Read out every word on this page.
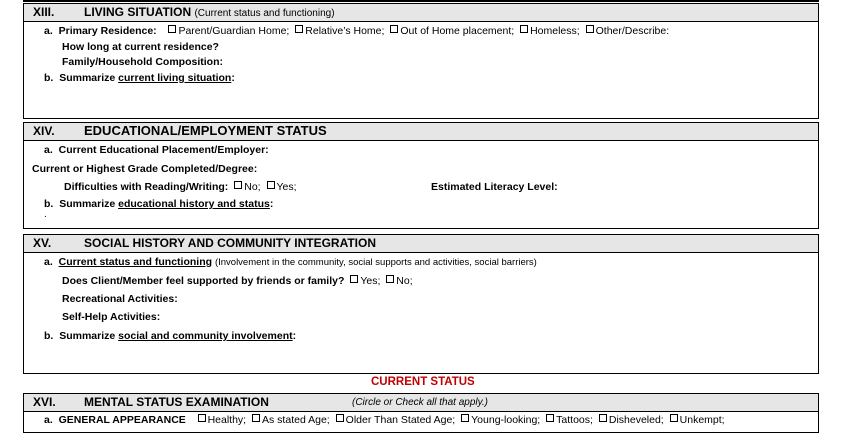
XIII. LIVING SITUATION (Current status and functioning)
a. Primary Residence: Parent/Guardian Home; Relative’s Home; Out of Home placement; Homeless; Other/Describe:
How long at current residence?
Family/Household Composition:
b. Summarize current living situation:
XIV. EDUCATIONAL/EMPLOYMENT STATUS
a. Current Educational Placement/Employer:
Current or Highest Grade Completed/Degree:
Difficulties with Reading/Writing: No; Yes;	Estimated Literacy Level:
b. Summarize educational history and status:
.
XV.	SOCIAL HISTORY AND COMMUNITY INTEGRATION
a. Current status and functioning (Involvement in the community, social supports and activities, social barriers)
Does Client/Member feel supported by friends or family? Yes; No;
Recreational Activities:
Self-Help Activities:
b. Summarize social and community involvement:
CURRENT STATUS
XVI. MENTAL STATUS EXAMINATION	(Circle or Check all that apply.)
a. GENERAL APPEARANCE Healthy; As stated Age; Older Than Stated Age; Young-looking; Tattoos; Disheveled; Unkempt;
